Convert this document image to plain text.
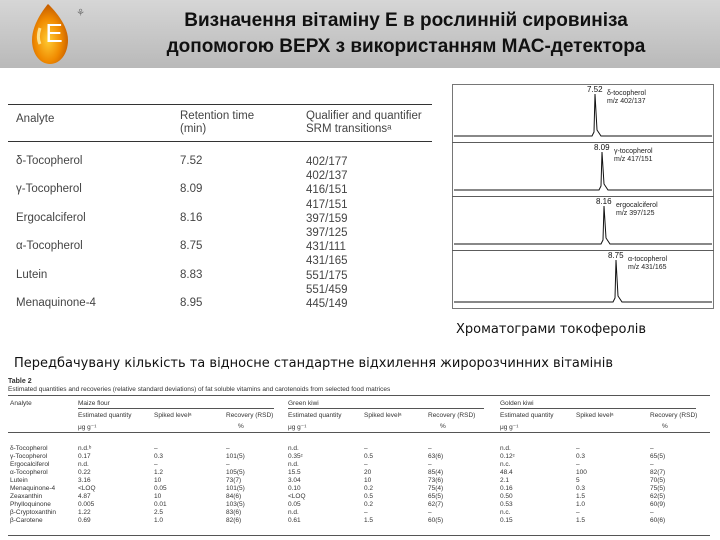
⚘
E	Визначення вітаміну Е в рослинній сировиніза
допомогою ВЕРХ з використанням МАС-детектора
Analyte	Retention time (min)
Qualifier and quantifier SRM transitionsᵃ
δ-Tocopherol	7.52	402/177
402/137
γ-Tocopherol	8.09	416/151
417/151
Ergocalciferol	8.16	397/159
397/125
α-Tocopherol	8.75	431/111
431/165
Lutein	8.83	551/175
551/459
Menaquinone-4	8.95	445/149
7.52 δ-tocopherol
m/z 402/137
8.09 γ-tocopherol
m/z 417/151
8.16 ergocalciferol
m/z 397/125
8.75 α-tocopherol
m/z 431/165
Хроматограми токоферолів
Передбачувану кількість та відносне стандартне відхилення жиророзчинних вітамінів
Table 2
Estimated quantities and recoveries (relative standard deviations) of fat soluble vitamins and carotenoids from selected food matrices
Analyte	Maize flour
Estimated quantity	Spiked levelᵃ	Recovery (RSD)
μg g⁻¹	%
Green kiwi
Estimated quantity	Spiked levelᵃ	Recovery (RSD)
μg g⁻¹	%
Golden kiwi
Estimated quantity	Spiked levelᵃ	Recovery (RSD)
μg g⁻¹	%
δ-Tocopherol	n.d.ᵇ	–	–	n.d.	–	–	n.d.	–	–
γ-Tocopherol	0.17	0.3	101(5)	0.35ᶜ	0.5	63(6)	0.12ᶜ	0.3	65(5)
Ergocalciferol	n.d.	–	–	n.d.	–	–	n.c.	–	–
α-Tocopherol	0.22	1.2	105(5)	15.5	20	85(4)	48.4	100	82(7)
Lutein	3.16	10	73(7)	3.04	10	73(6)	2.1	5	70(5)
Menaquinone-4	<LOQ	0.05	101(5)	0.10	0.2	75(4)	0.16	0.3	75(5)
Zeaxanthin	4.87	10	84(6)	<LOQ	0.5	65(5)	0.50	1.5	62(5)
Phylloquinone	0.005	0.01	103(5)	0.05	0.2	62(7)	0.53	1.0	60(9)
β-Cryptoxanthin	1.22	2.5	83(6)	n.d.	–	–	n.c.	–	–
β-Carotene	0.69	1.0	82(6)	0.61	1.5	60(5)	0.15	1.5	60(6)
